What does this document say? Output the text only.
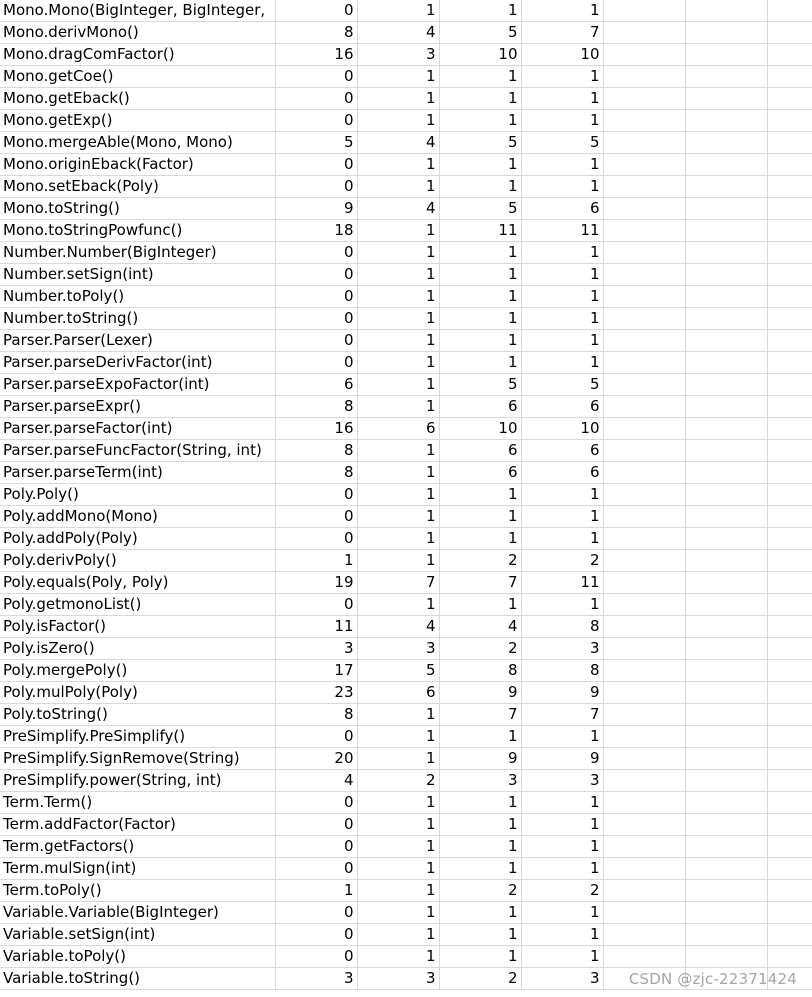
Mono.Mono(BigInteger, BigInteger,	0	1	1	1			
Mono.derivMono()	8	4	5	7			
Mono.dragComFactor()	16	3	10	10			
Mono.getCoe()	0	1	1	1			
Mono.getEback()	0	1	1	1			
Mono.getExp()	0	1	1	1			
Mono.mergeAble(Mono, Mono)	5	4	5	5			
Mono.originEback(Factor)	0	1	1	1			
Mono.setEback(Poly)	0	1	1	1			
Mono.toString()	9	4	5	6			
Mono.toStringPowfunc()	18	1	11	11			
Number.Number(BigInteger)	0	1	1	1			
Number.setSign(int)	0	1	1	1			
Number.toPoly()	0	1	1	1			
Number.toString()	0	1	1	1			
Parser.Parser(Lexer)	0	1	1	1			
Parser.parseDerivFactor(int)	0	1	1	1			
Parser.parseExpoFactor(int)	6	1	5	5			
Parser.parseExpr()	8	1	6	6			
Parser.parseFactor(int)	16	6	10	10			
Parser.parseFuncFactor(String, int)	8	1	6	6			
Parser.parseTerm(int)	8	1	6	6			
Poly.Poly()	0	1	1	1			
Poly.addMono(Mono)	0	1	1	1			
Poly.addPoly(Poly)	0	1	1	1			
Poly.derivPoly()	1	1	2	2			
Poly.equals(Poly, Poly)	19	7	7	11			
Poly.getmonoList()	0	1	1	1			
Poly.isFactor()	11	4	4	8			
Poly.isZero()	3	3	2	3			
Poly.mergePoly()	17	5	8	8			
Poly.mulPoly(Poly)	23	6	9	9			
Poly.toString()	8	1	7	7			
PreSimplify.PreSimplify()	0	1	1	1			
PreSimplify.SignRemove(String)	20	1	9	9			
PreSimplify.power(String, int)	4	2	3	3			
Term.Term()	0	1	1	1			
Term.addFactor(Factor)	0	1	1	1			
Term.getFactors()	0	1	1	1			
Term.mulSign(int)	0	1	1	1			
Term.toPoly()	1	1	2	2			
Variable.Variable(BigInteger)	0	1	1	1			
Variable.setSign(int)	0	1	1	1			
Variable.toPoly()	0	1	1	1			
Variable.toString()	3	3	2	3			CSDN @zjc-22371424
